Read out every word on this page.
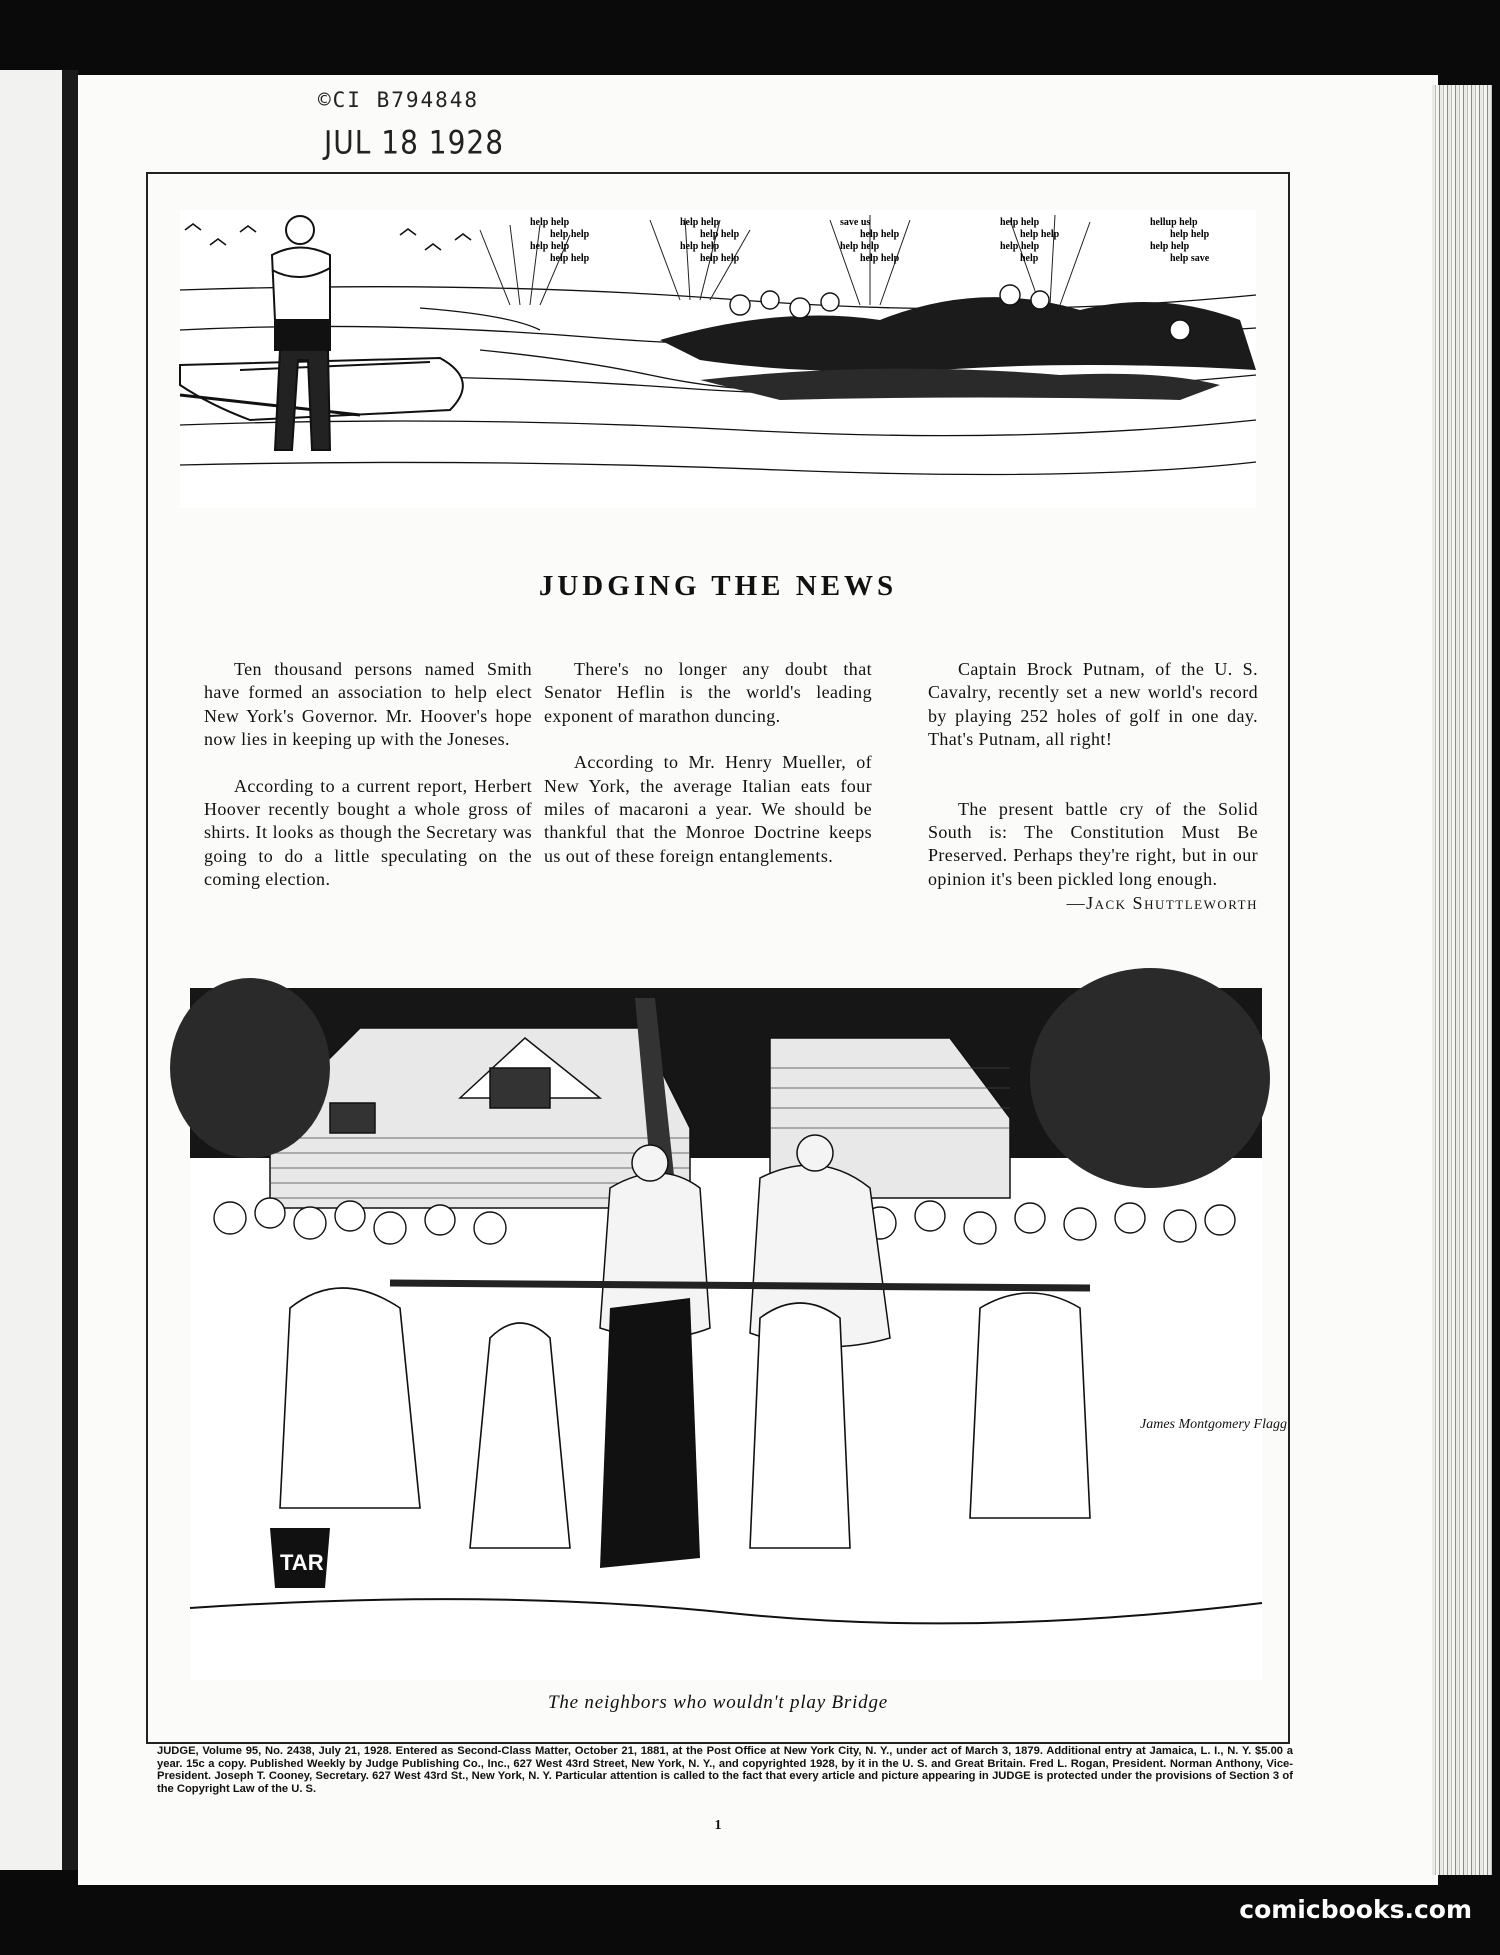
©CI B794848
JUL 18 1928
help help
help help
help help
help help
help help
help help
help help
help help
save us
help help
help help
help help
help help
help help
help help
help
hellup help
help help
help help
help save
JUDGING THE NEWS

Ten thousand persons named Smith have formed an association to help elect New York's Governor. Mr. Hoover's hope now lies in keeping up with the Joneses.

According to a current report, Herbert Hoover recently bought a whole gross of shirts. It looks as though the Secretary was going to do a little speculating on the coming election.

There's no longer any doubt that Senator Heflin is the world's leading exponent of marathon duncing.

According to Mr. Henry Mueller, of New York, the average Italian eats four miles of macaroni a year. We should be thankful that the Monroe Doctrine keeps us out of these foreign entanglements.

Captain Brock Putnam, of the U. S. Cavalry, recently set a new world's record by playing 252 holes of golf in one day. That's Putnam, all right!

The present battle cry of the Solid South is: The Constitution Must Be Preserved. Perhaps they're right, but in our opinion it's been pickled long enough.

—Jack Shuttleworth
TAR
James Montgomery Flagg
The neighbors who wouldn't play Bridge
JUDGE, Volume 95, No. 2438, July 21, 1928. Entered as Second-Class Matter, October 21, 1881, at the Post Office at New York City, N. Y., under act of March 3, 1879. Additional entry at Jamaica, L. I., N. Y. $5.00 a year. 15c a copy. Published Weekly by Judge Publishing Co., Inc., 627 West 43rd Street, New York, N. Y., and copyrighted 1928, by it in the U. S. and Great Britain. Fred L. Rogan, President. Norman Anthony, Vice-President. Joseph T. Cooney, Secretary. 627 West 43rd St., New York, N. Y. Particular attention is called to the fact that every article and picture appearing in JUDGE is protected under the provisions of Section 3 of the Copyright Law of the U. S.
1
comicbooks.com
